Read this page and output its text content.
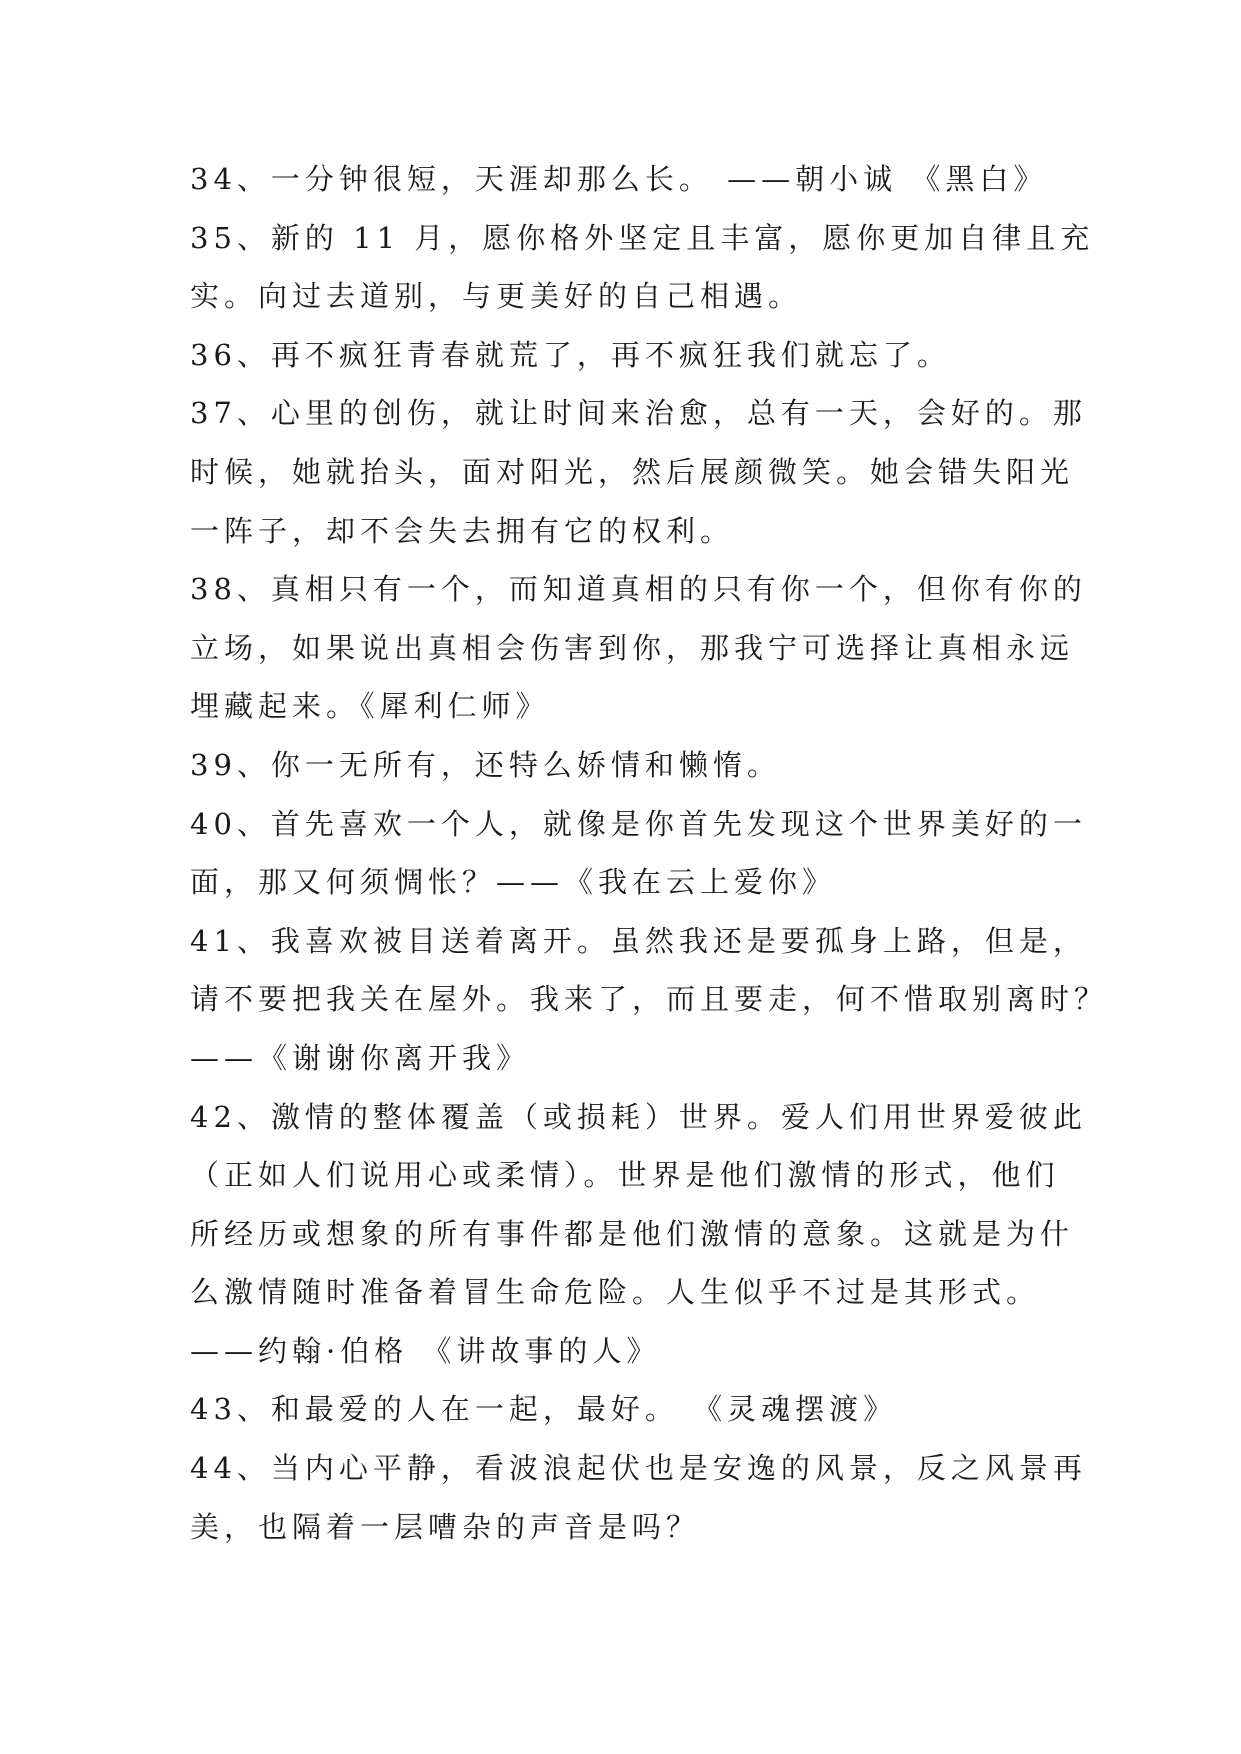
34、一分钟很短，天涯却那么长。 ——朝小诚 《黑白》
35、新的 11 月，愿你格外坚定且丰富，愿你更加自律且充
实。向过去道别，与更美好的自己相遇。
36、再不疯狂青春就荒了，再不疯狂我们就忘了。
37、心里的创伤，就让时间来治愈，总有一天，会好的。那
时候，她就抬头，面对阳光，然后展颜微笑。她会错失阳光
一阵子，却不会失去拥有它的权利。
38、真相只有一个，而知道真相的只有你一个，但你有你的
立场，如果说出真相会伤害到你，那我宁可选择让真相永远
埋藏起来。《犀利仁师》
39、你一无所有，还特么娇情和懒惰。
40、首先喜欢一个人，就像是你首先发现这个世界美好的一
面，那又何须惆怅？——《我在云上爱你》
41、我喜欢被目送着离开。虽然我还是要孤身上路，但是，
请不要把我关在屋外。我来了，而且要走，何不惜取别离时？
——《谢谢你离开我》
42、激情的整体覆盖（或损耗）世界。爱人们用世界爱彼此
（正如人们说用心或柔情）。世界是他们激情的形式，他们
所经历或想象的所有事件都是他们激情的意象。这就是为什
么激情随时准备着冒生命危险。人生似乎不过是其形式。
——约翰·伯格 《讲故事的人》
43、和最爱的人在一起，最好。 《灵魂摆渡》
44、当内心平静，看波浪起伏也是安逸的风景，反之风景再
美，也隔着一层嘈杂的声音是吗？
